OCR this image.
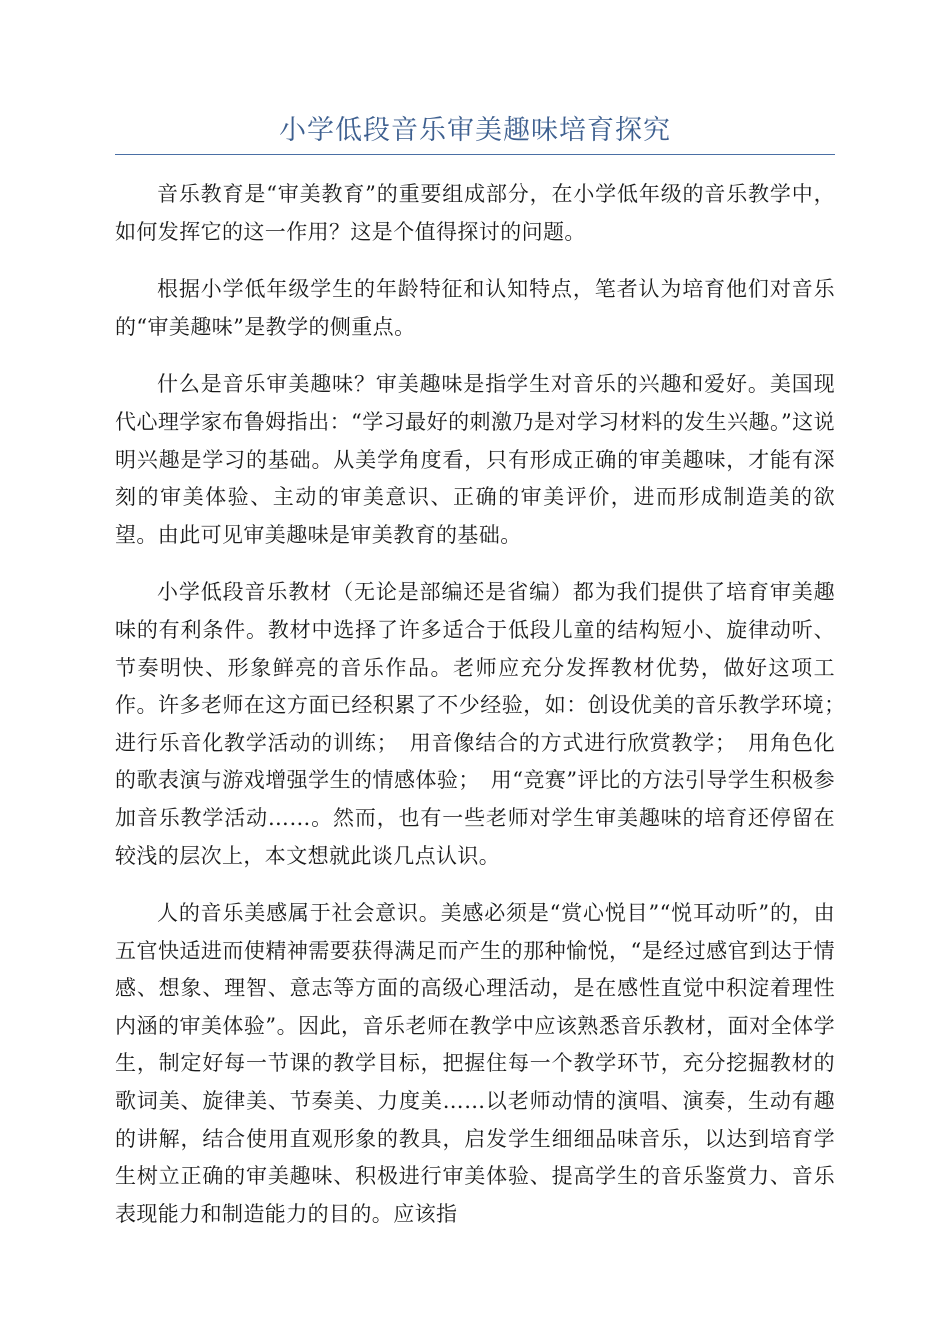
小学低段音乐审美趣味培育探究

音乐教育是“审美教育”的重要组成部分，在小学低年级的音乐教学中，如何发挥它的这一作用？这是个值得探讨的问题。

根据小学低年级学生的年龄特征和认知特点，笔者认为培育他们对音乐的“审美趣味”是教学的侧重点。

什么是音乐审美趣味？审美趣味是指学生对音乐的兴趣和爱好。美国现代心理学家布鲁姆指出：“学习最好的刺激乃是对学习材料的发生兴趣。”这说明兴趣是学习的基础。从美学角度看，只有形成正确的审美趣味，才能有深刻的审美体验、主动的审美意识、正确的审美评价，进而形成制造美的欲望。由此可见审美趣味是审美教育的基础。

小学低段音乐教材（无论是部编还是省编）都为我们提供了培育审美趣味的有利条件。教材中选择了许多适合于低段儿童的结构短小、旋律动听、节奏明快、形象鲜亮的音乐作品。老师应充分发挥教材优势，做好这项工作。许多老师在这方面已经积累了不少经验，如：创设优美的音乐教学环境；　进行乐音化教学活动的训练；　用音像结合的方式进行欣赏教学；　用角色化的歌表演与游戏增强学生的情感体验；　用“竞赛”评比的方法引导学生积极参加音乐教学活动……。然而，也有一些老师对学生审美趣味的培育还停留在较浅的层次上，本文想就此谈几点认识。

人的音乐美感属于社会意识。美感必须是“赏心悦目”“悦耳动听”的，由五官快适进而使精神需要获得满足而产生的那种愉悦，“是经过感官到达于情感、想象、理智、意志等方面的高级心理活动，是在感性直觉中积淀着理性内涵的审美体验”。因此，音乐老师在教学中应该熟悉音乐教材，面对全体学生，制定好每一节课的教学目标，把握住每一个教学环节，充分挖掘教材的歌词美、旋律美、节奏美、力度美……以老师动情的演唱、演奏，生动有趣的讲解，结合使用直观形象的教具，启发学生细细品味音乐，以达到培育学生树立正确的审美趣味、积极进行审美体验、提高学生的音乐鉴赏力、音乐表现能力和制造能力的目的。应该指
